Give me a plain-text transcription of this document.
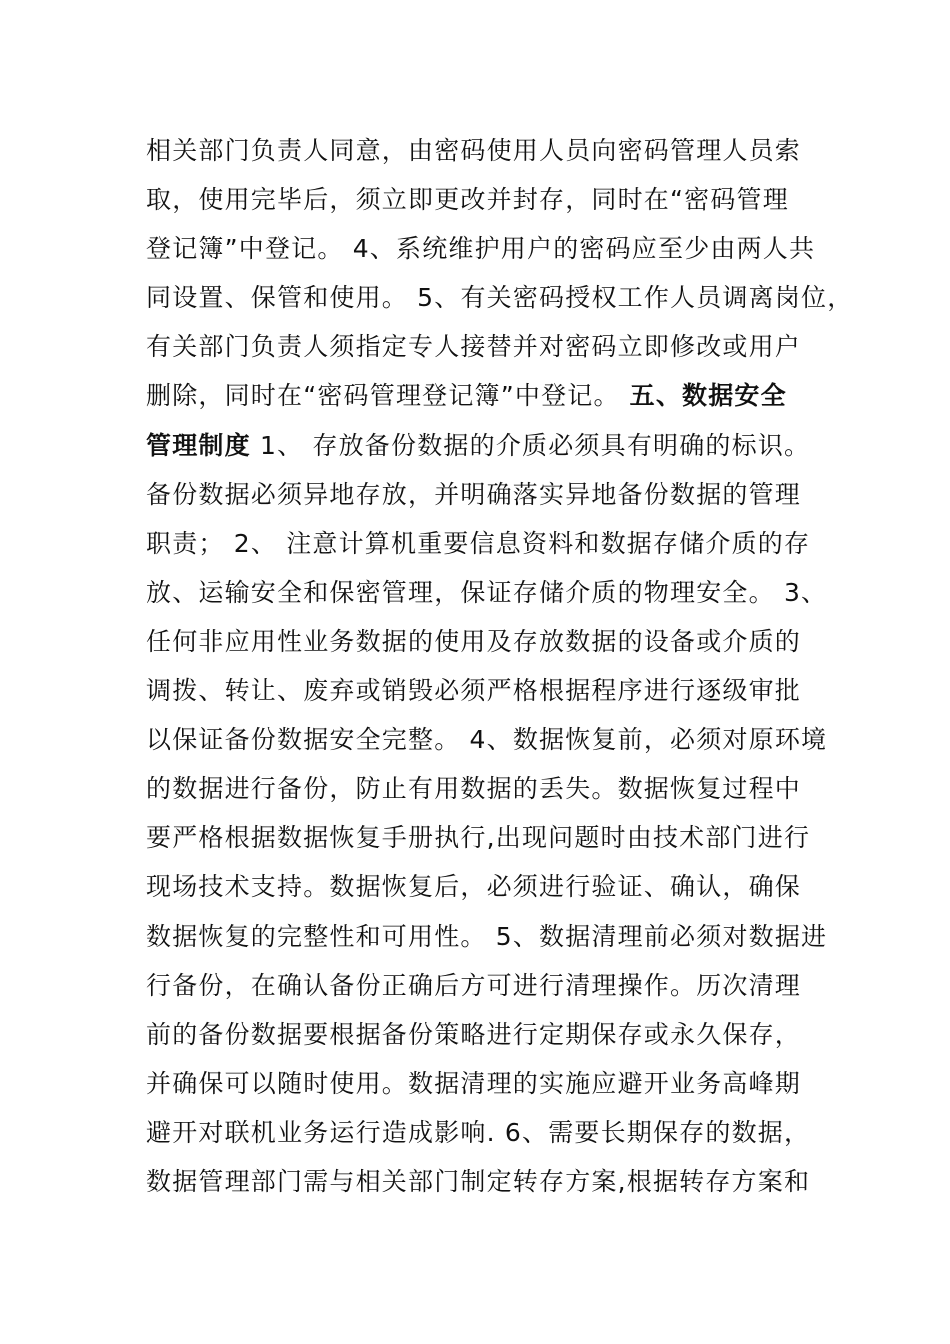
相关部门负责人同意，由密码使用人员向密码管理人员索
取，使用完毕后，须立即更改并封存，同时在“密码管理
登记簿”中登记。 4、系统维护用户的密码应至少由两人共
同设置、保管和使用。 5、有关密码授权工作人员调离岗位，
有关部门负责人须指定专人接替并对密码立即修改或用户
删除，同时在“密码管理登记簿”中登记。 五、数据安全
管理制度 1、 存放备份数据的介质必须具有明确的标识。
备份数据必须异地存放，并明确落实异地备份数据的管理
职责； 2、 注意计算机重要信息资料和数据存储介质的存
放、运输安全和保密管理，保证存储介质的物理安全。 3、
任何非应用性业务数据的使用及存放数据的设备或介质的
调拨、转让、废弃或销毁必须严格根据程序进行逐级审批
以保证备份数据安全完整。 4、数据恢复前，必须对原环境
的数据进行备份，防止有用数据的丢失。数据恢复过程中
要严格根据数据恢复手册执行,出现问题时由技术部门进行
现场技术支持。数据恢复后，必须进行验证、确认，确保
数据恢复的完整性和可用性。 5、数据清理前必须对数据进
行备份，在确认备份正确后方可进行清理操作。历次清理
前的备份数据要根据备份策略进行定期保存或永久保存，
并确保可以随时使用。数据清理的实施应避开业务高峰期
避开对联机业务运行造成影响. 6、需要长期保存的数据，
数据管理部门需与相关部门制定转存方案,根据转存方案和
